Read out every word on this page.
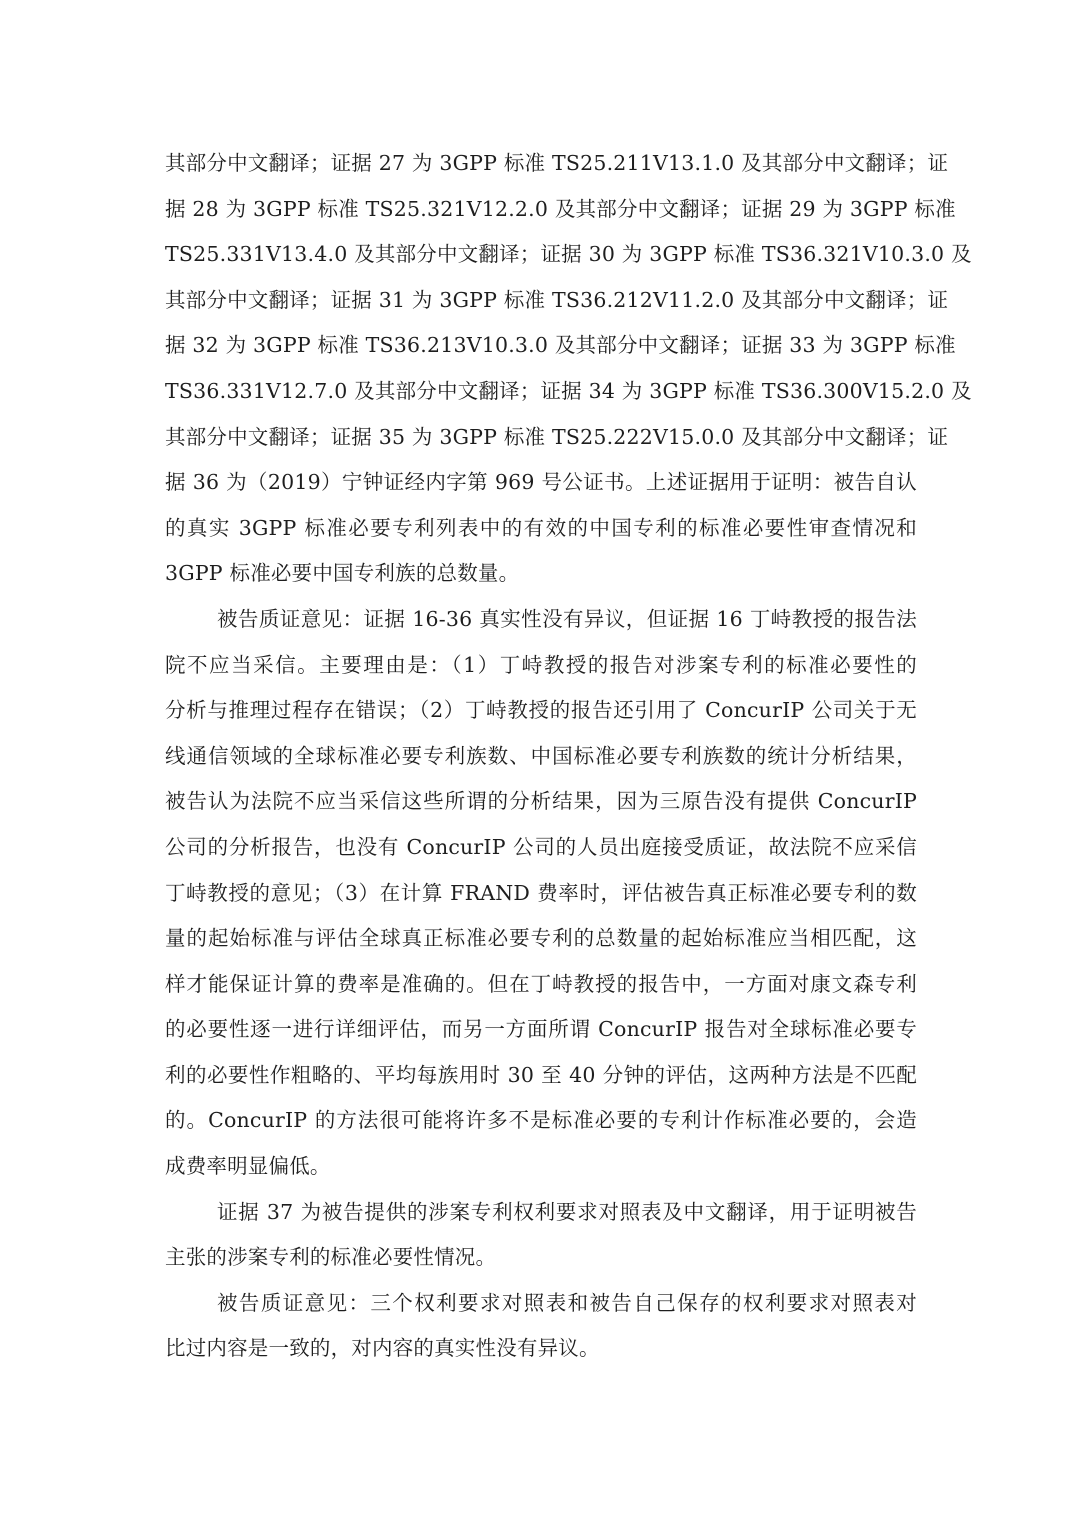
其部分中文翻译；证据 27 为 3GPP 标准 TS25.211V13.1.0 及其部分中文翻译；证
据 28 为 3GPP 标准 TS25.321V12.2.0 及其部分中文翻译；证据 29 为 3GPP 标准
TS25.331V13.4.0 及其部分中文翻译；证据 30 为 3GPP 标准 TS36.321V10.3.0 及
其部分中文翻译；证据 31 为 3GPP 标准 TS36.212V11.2.0 及其部分中文翻译；证
据 32 为 3GPP 标准 TS36.213V10.3.0 及其部分中文翻译；证据 33 为 3GPP 标准
TS36.331V12.7.0 及其部分中文翻译；证据 34 为 3GPP 标准 TS36.300V15.2.0 及
其部分中文翻译；证据 35 为 3GPP 标准 TS25.222V15.0.0 及其部分中文翻译；证
据 36 为（2019）宁钟证经内字第 969 号公证书。上述证据用于证明：被告自认
的真实 3GPP 标准必要专利列表中的有效的中国专利的标准必要性审查情况和
3GPP 标准必要中国专利族的总数量。
被告质证意见：证据 16-36 真实性没有异议，但证据 16 丁峙教授的报告法
院不应当采信。主要理由是：（1）丁峙教授的报告对涉案专利的标准必要性的
分析与推理过程存在错误；（2）丁峙教授的报告还引用了 ConcurIP 公司关于无
线通信领域的全球标准必要专利族数、中国标准必要专利族数的统计分析结果，
被告认为法院不应当采信这些所谓的分析结果，因为三原告没有提供 ConcurIP
公司的分析报告，也没有 ConcurIP 公司的人员出庭接受质证，故法院不应采信
丁峙教授的意见；（3）在计算 FRAND 费率时，评估被告真正标准必要专利的数
量的起始标准与评估全球真正标准必要专利的总数量的起始标准应当相匹配，这
样才能保证计算的费率是准确的。但在丁峙教授的报告中，一方面对康文森专利
的必要性逐一进行详细评估，而另一方面所谓 ConcurIP 报告对全球标准必要专
利的必要性作粗略的、平均每族用时 30 至 40 分钟的评估，这两种方法是不匹配
的。ConcurIP 的方法很可能将许多不是标准必要的专利计作标准必要的，会造
成费率明显偏低。
证据 37 为被告提供的涉案专利权利要求对照表及中文翻译，用于证明被告
主张的涉案专利的标准必要性情况。
被告质证意见：三个权利要求对照表和被告自己保存的权利要求对照表对
比过内容是一致的，对内容的真实性没有异议。
